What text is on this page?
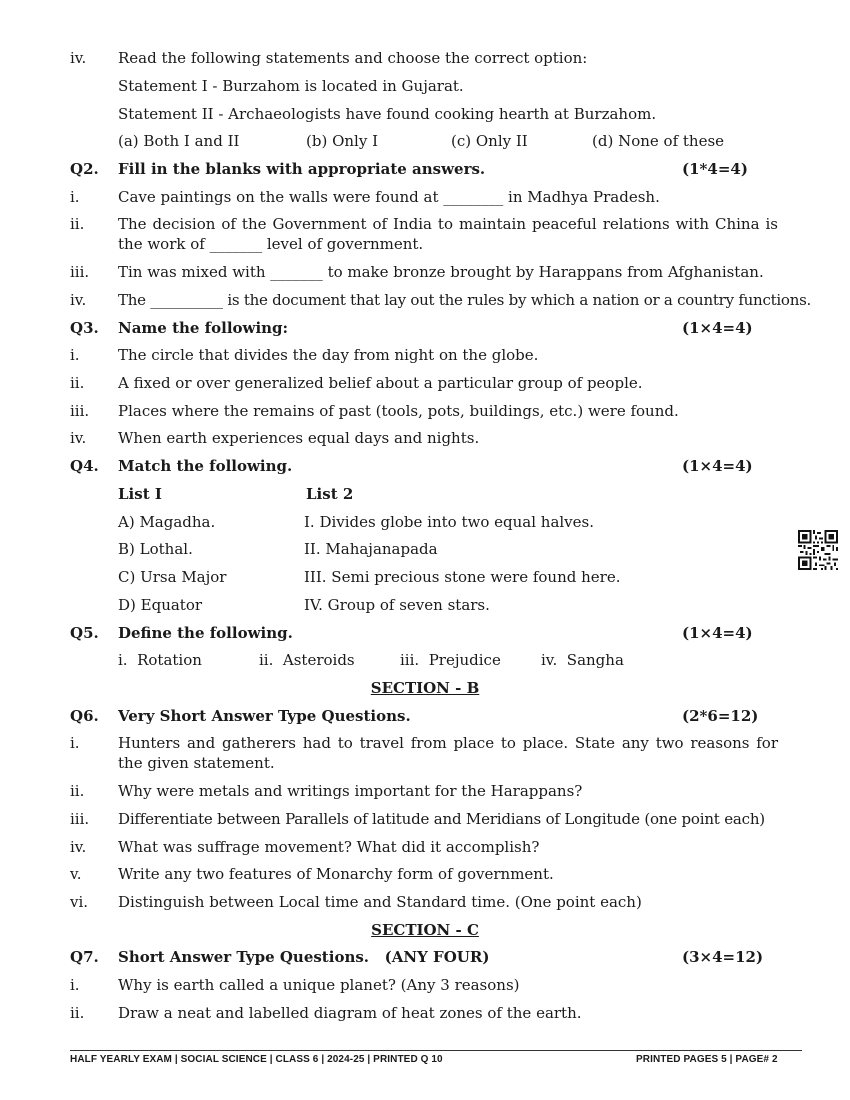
iv.	Read the following statements and choose the correct option:
Statement I - Burzahom is located in Gujarat.
Statement II - Archaeologists have found cooking hearth at Burzahom.
(a) Both I and II	(b) Only I	(c) Only II	(d) None of these
Q2.	Fill in the blanks with appropriate answers.	(1*4=4)
i.	Cave paintings on the walls were found at ________ in Madhya Pradesh.
ii.	The decision of the Government of India to maintain peaceful relations with China is the work of _______ level of government.
iii.	Tin was mixed with _______ to make bronze brought by Harappans from Afghanistan.
iv.	The __________ is the document that lay out the rules by which a nation or a country functions.
Q3.	Name the following:	(1×4=4)
i.	The circle that divides the day from night on the globe.
ii.	A fixed or over generalized belief about a particular group of people.
iii.	Places where the remains of past (tools, pots, buildings, etc.) were found.
iv.	When earth experiences equal days and nights.
Q4.	Match the following.	(1×4=4)
List I	List 2
A) Magadha.	I. Divides globe into two equal halves.
B) Lothal.	II. Mahajanapada
C) Ursa Major	III. Semi precious stone were found here.
D) Equator	IV. Group of seven stars.
Q5.	Define the following.	(1×4=4)
i.  Rotation	ii.  Asteroids	iii.  Prejudice	iv.  Sangha
SECTION - B
Q6.	Very Short Answer Type Questions.	(2*6=12)
i.	Hunters and gatherers had to travel from place to place. State any two reasons for the given statement.
ii.	Why were metals and writings important for the Harappans?
iii.	Differentiate between Parallels of latitude and Meridians of Longitude (one point each)
iv.	What was suffrage movement? What did it accomplish?
v.	Write any two features of Monarchy form of government.
vi.	Distinguish between Local time and Standard time. (One point each)
SECTION - C
Q7.	Short Answer Type Questions.   (ANY FOUR)	(3×4=12)
i.	Why is earth called a unique planet? (Any 3 reasons)
ii.	Draw a neat and labelled diagram of heat zones of the earth.
HALF YEARLY EXAM | SOCIAL SCIENCE | CLASS 6 | 2024-25 | PRINTED Q 10	PRINTED PAGES 5 | PAGE# 2
